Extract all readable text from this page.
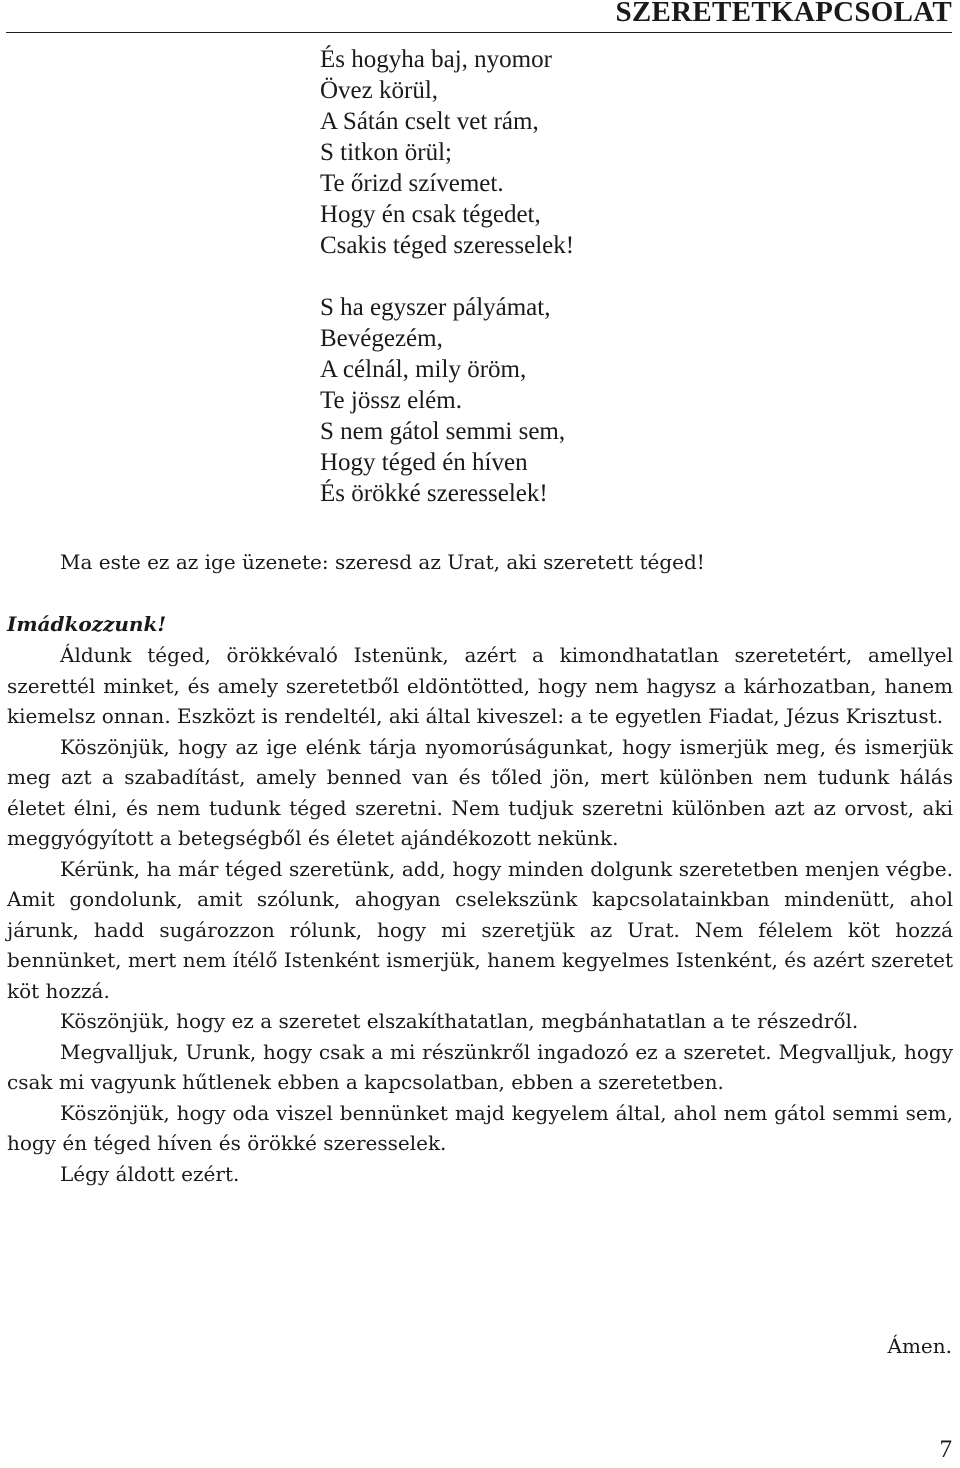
SZERETETKAPCSOLAT
És hogyha baj, nyomor
Övez körül,
A Sátán cselt vet rám,
S titkon örül;
Te őrizd szívemet.
Hogy én csak tégedet,
Csakis téged szeresselek!
S ha egyszer pályámat,
Bevégezém,
A célnál, mily öröm,
Te jössz elém.
S nem gátol semmi sem,
Hogy téged én híven
És örökké szeresselek!
Ma este ez az ige üzenete: szeresd az Urat, aki szeretett téged!
Imádkozzunk!

Áldunk téged, örökkévaló Istenünk, azért a kimondhatatlan szeretetért, amellyel szerettél minket, és amely szeretetből eldöntötted, hogy nem hagysz a kárhozatban, hanem kiemelsz onnan. Eszközt is rendeltél, aki által kiveszel: a te egyetlen Fiadat, Jézus Krisztust.

Köszönjük, hogy az ige elénk tárja nyomorúságunkat, hogy ismerjük meg, és ismerjük meg azt a szabadítást, amely benned van és tőled jön, mert különben nem tudunk hálás életet élni, és nem tudunk téged szeretni. Nem tudjuk szeretni különben azt az orvost, aki meggyógyított a betegségből és életet ajándékozott nekünk.

Kérünk, ha már téged szeretünk, add, hogy minden dolgunk szeretetben menjen végbe. Amit gondolunk, amit szólunk, ahogyan cselekszünk kapcsolatainkban mindenütt, ahol járunk, hadd sugározzon rólunk, hogy mi szeretjük az Urat. Nem félelem köt hozzá bennünket, mert nem ítélő Istenként ismerjük, hanem kegyelmes Istenként, és azért szeretet köt hozzá.

Köszönjük, hogy ez a szeretet elszakíthatatlan, megbánhatatlan a te részedről.

Megvalljuk, Urunk, hogy csak a mi részünkről ingadozó ez a szeretet. Megvalljuk, hogy csak mi vagyunk hűtlenek ebben a kapcsolatban, ebben a szeretetben.

Köszönjük, hogy oda viszel bennünket majd kegyelem által, ahol nem gátol semmi sem, hogy én téged híven és örökké szeresselek.

Légy áldott ezért.

Ámen.
7
